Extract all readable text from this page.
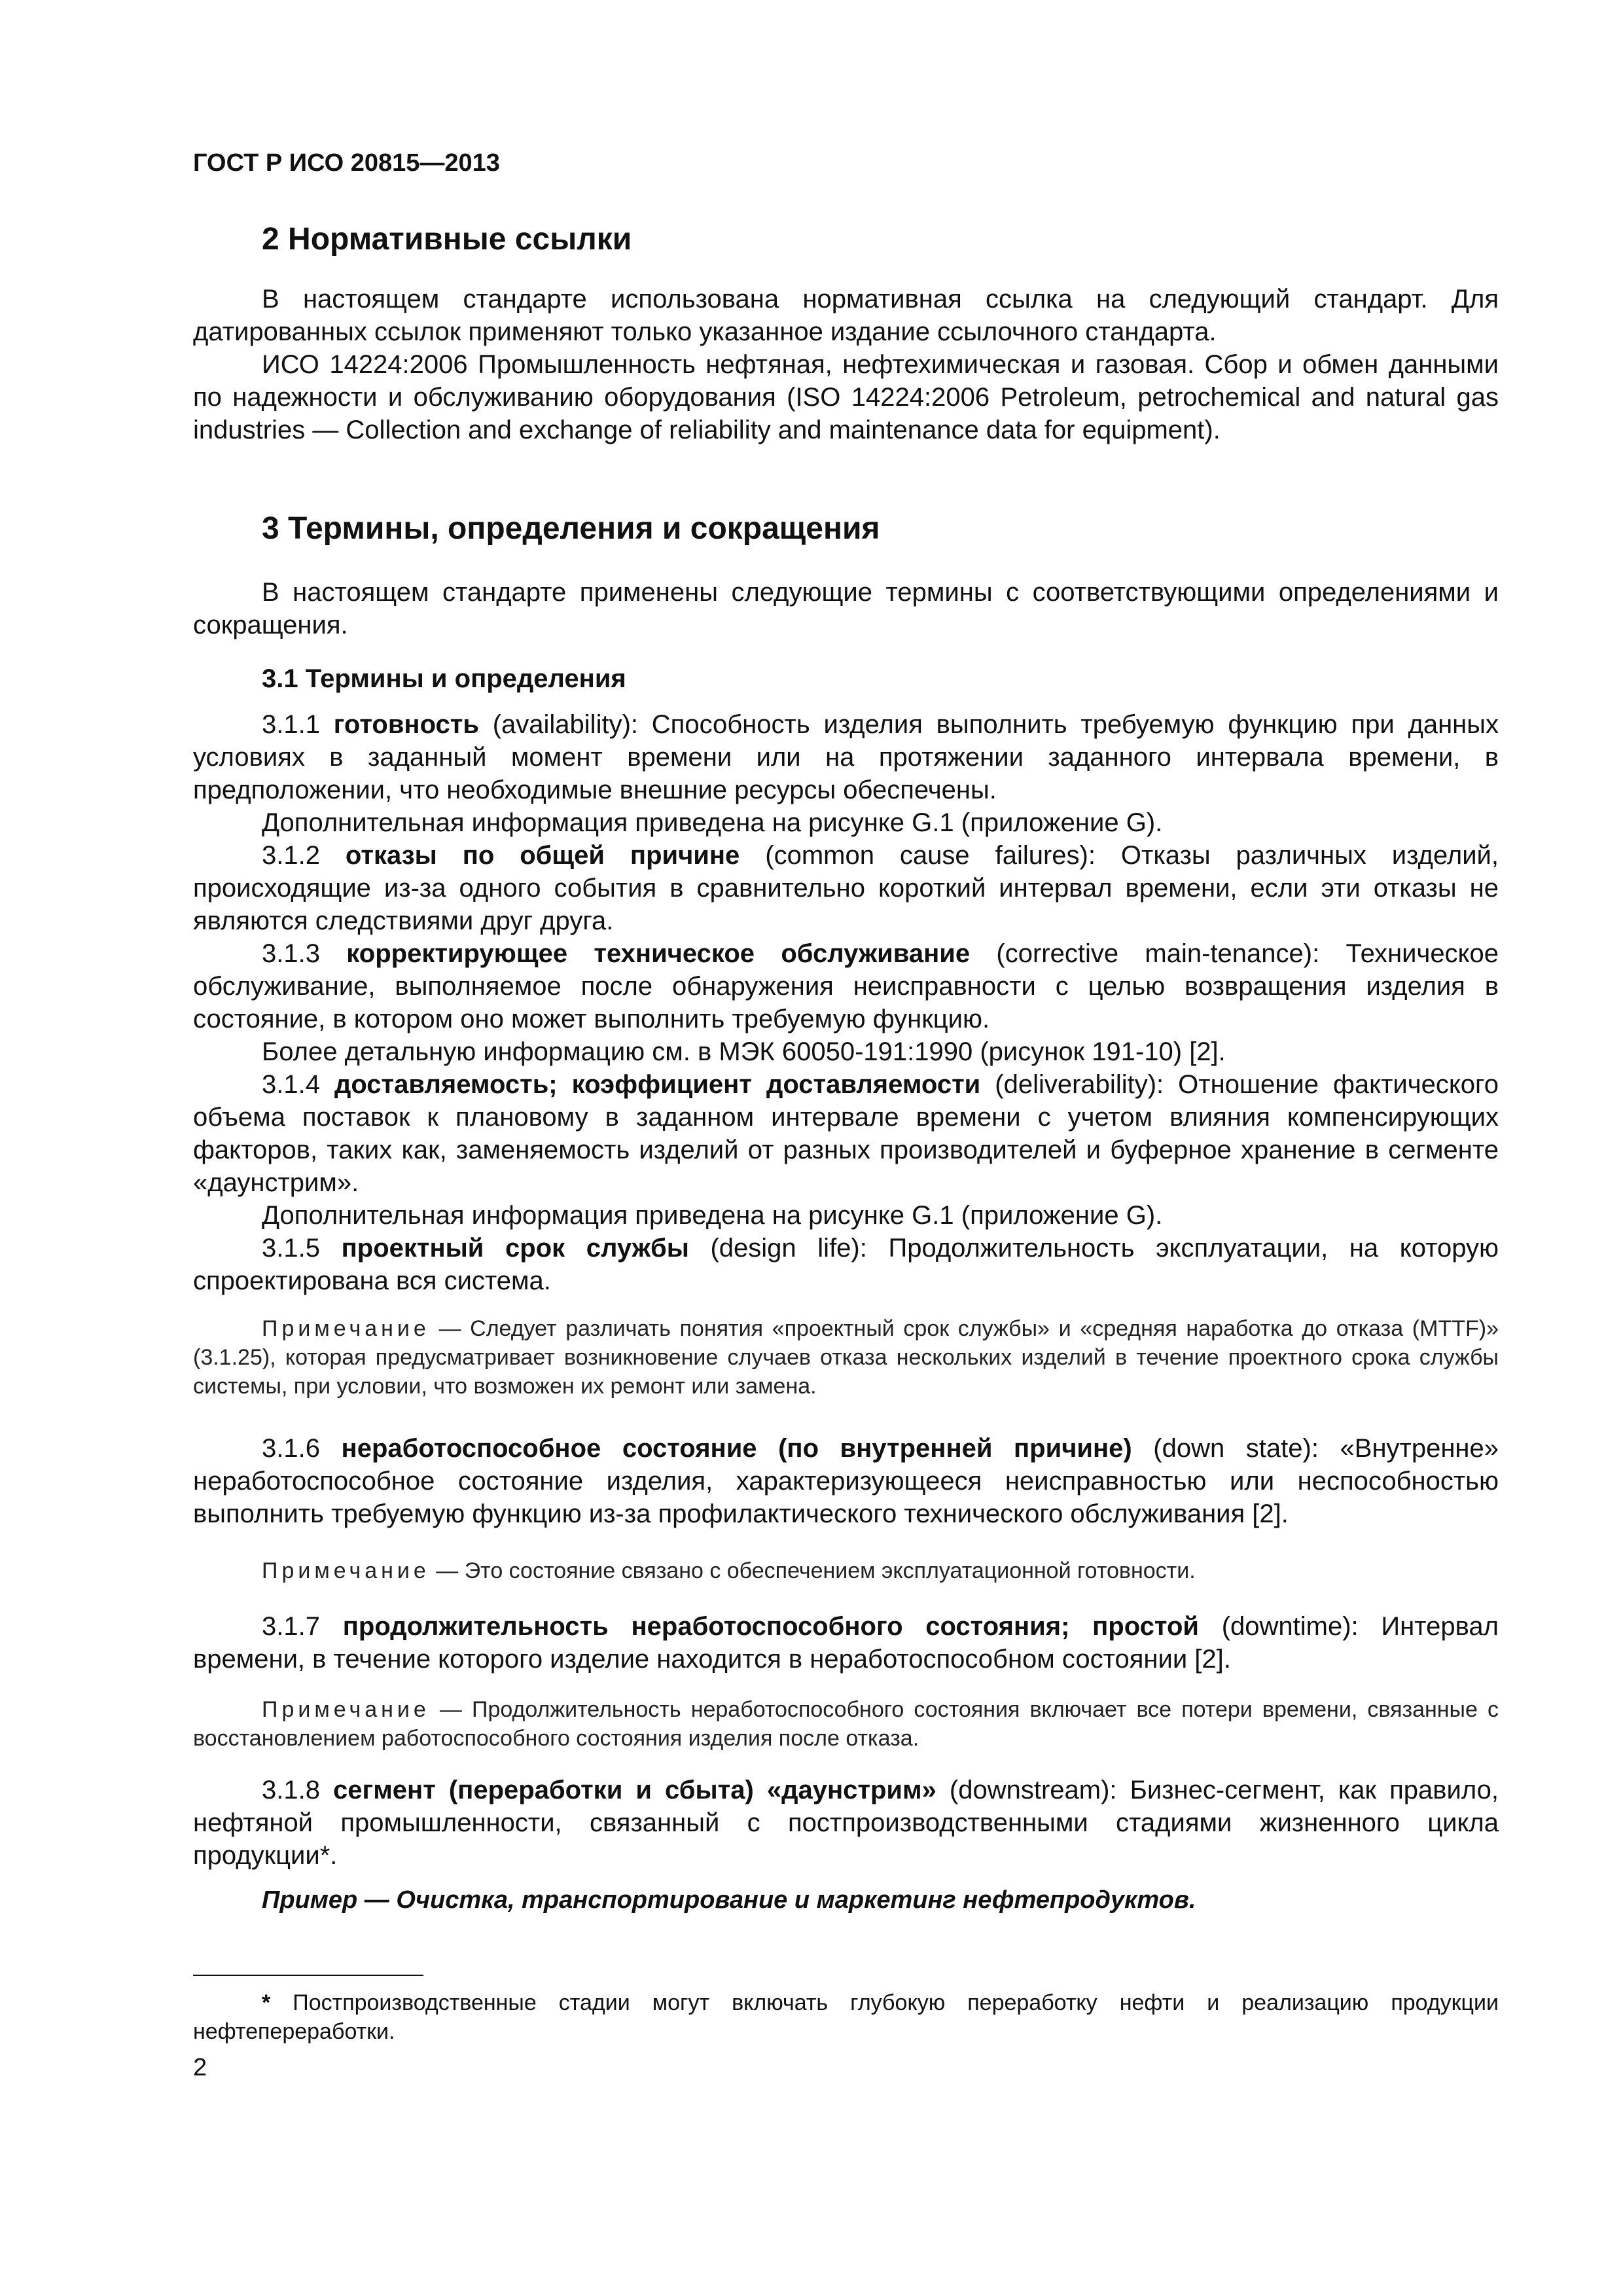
ГОСТ Р ИСО 20815—2013
2 Нормативные ссылки

В настоящем стандарте использована нормативная ссылка на следующий стандарт. Для датированных ссылок применяют только указанное издание ссылочного стандарта.

ИСО 14224:2006 Промышленность нефтяная, нефтехимическая и газовая. Сбор и обмен данными по надежности и обслуживанию оборудования (ISO 14224:2006 Petroleum, petrochemical and natural gas industries — Collection and exchange of reliability and maintenance data for equipment).

3 Термины, определения и сокращения

В настоящем стандарте применены следующие термины с соответствующими определениями и сокращения.

3.1 Термины и определения

3.1.1 готовность (availability): Способность изделия выполнить требуемую функцию при данных условиях в заданный момент времени или на протяжении заданного интервала времени, в предположении, что необходимые внешние ресурсы обеспечены.

Дополнительная информация приведена на рисунке G.1 (приложение G).

3.1.2 отказы по общей причине (common cause failures): Отказы различных изделий, происходящие из-за одного события в сравнительно короткий интервал времени, если эти отказы не являются следствиями друг друга.

3.1.3 корректирующее техническое обслуживание (corrective main-tenance): Техническое обслуживание, выполняемое после обнаружения неисправности с целью возвращения изделия в состояние, в котором оно может выполнить требуемую функцию.

Более детальную информацию см. в МЭК 60050-191:1990 (рисунок 191-10) [2].

3.1.4 доставляемость; коэффициент доставляемости (deliverability): Отношение фактического объема поставок к плановому в заданном интервале времени с учетом влияния компенсирующих факторов, таких как, заменяемость изделий от разных производителей и буферное хранение в сегменте «даунстрим».

Дополнительная информация приведена на рисунке G.1 (приложение G).

3.1.5 проектный срок службы (design life): Продолжительность эксплуатации, на которую спроектирована вся система.

Примечание — Следует различать понятия «проектный срок службы» и «средняя наработка до отказа (MTTF)» (3.1.25), которая предусматривает возникновение случаев отказа нескольких изделий в течение проектного срока службы системы, при условии, что возможен их ремонт или замена.

3.1.6 неработоспособное состояние (по внутренней причине) (down state): «Внутренне» неработоспособное состояние изделия, характеризующееся неисправностью или неспособностью выполнить требуемую функцию из-за профилактического технического обслуживания [2].

Примечание — Это состояние связано с обеспечением эксплуатационной готовности.

3.1.7 продолжительность неработоспособного состояния; простой (downtime): Интервал времени, в течение которого изделие находится в неработоспособном состоянии [2].

Примечание — Продолжительность неработоспособного состояния включает все потери времени, связанные с восстановлением работоспособного состояния изделия после отказа.

3.1.8 сегмент (переработки и сбыта) «даунстрим» (downstream): Бизнес-сегмент, как правило, нефтяной промышленности, связанный с постпроизводственными стадиями жизненного цикла продукции*.

Пример — Очистка, транспортирование и маркетинг нефтепродуктов.

* Постпроизводственные стадии могут включать глубокую переработку нефти и реализацию продукции нефтепереработки.

2
